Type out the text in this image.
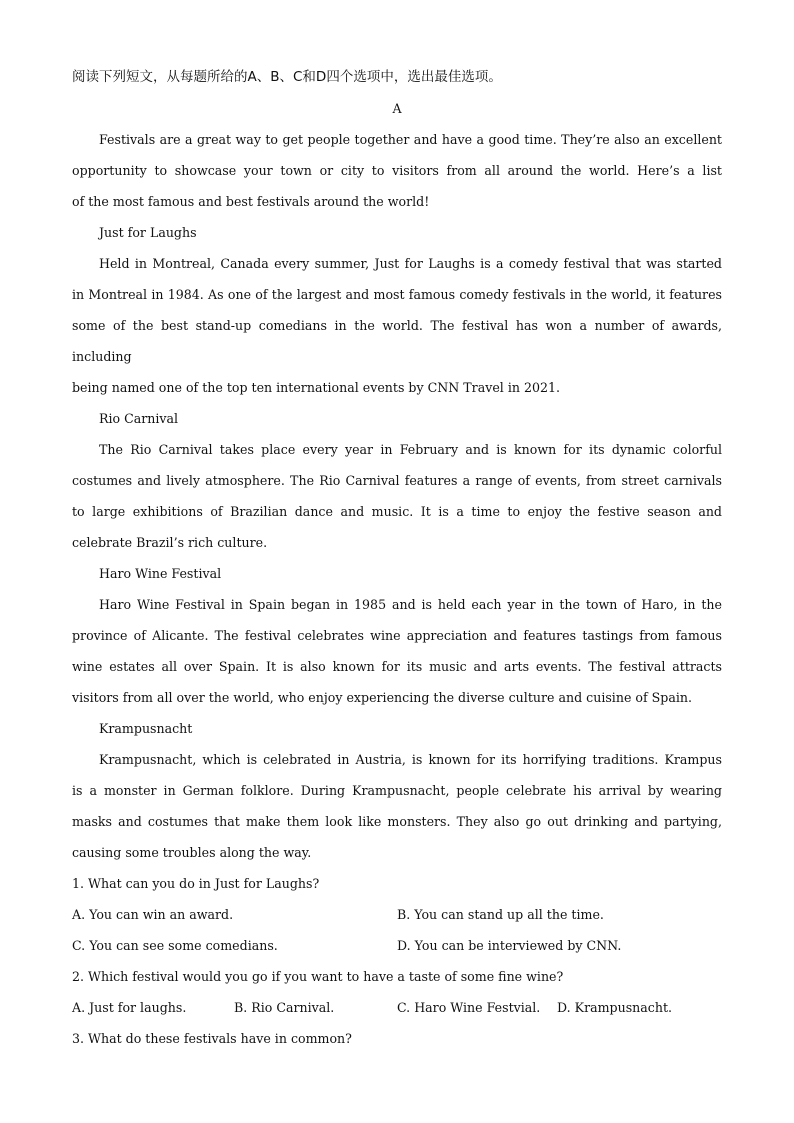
阅读下列短文，从每题所给的A、B、C和D四个选项中，选出最佳选项。
A
Festivals are a great way to get people together and have a good time. They’re also an excellent
opportunity to showcase your town or city to visitors from all around the world. Here’s a list
of the most famous and best festivals around the world!
Just for Laughs
Held in Montreal, Canada every summer, Just for Laughs is a comedy festival that was started
in Montreal in 1984. As one of the largest and most famous comedy festivals in the world, it features
some of the best stand-up comedians in the world. The festival has won a number of awards, including
being named one of the top ten international events by CNN Travel in 2021.
Rio Carnival
The Rio Carnival takes place every year in February and is known for its dynamic colorful
costumes and lively atmosphere. The Rio Carnival features a range of events, from street carnivals
to large exhibitions of Brazilian dance and music. It is a time to enjoy the festive season and
celebrate Brazil’s rich culture.
Haro Wine Festival
Haro Wine Festival in Spain began in 1985 and is held each year in the town of Haro, in the
province of Alicante. The festival celebrates wine appreciation and features tastings from famous
wine estates all over Spain. It is also known for its music and arts events. The festival attracts
visitors from all over the world, who enjoy experiencing the diverse culture and cuisine of Spain.
Krampusnacht
Krampusnacht, which is celebrated in Austria, is known for its horrifying traditions. Krampus
is a monster in German folklore. During Krampusnacht, people celebrate his arrival by wearing
masks and costumes that make them look like monsters. They also go out drinking and partying,
causing some troubles along the way.
1. What can you do in Just for Laughs?
A. You can win an award.	B. You can stand up all the time.
C. You can see some comedians.	D. You can be interviewed by CNN.
2. Which festival would you go if you want to have a taste of some fine wine?
A. Just for laughs.	B. Rio Carnival.	C. Haro Wine Festvial.	D. Krampusnacht.
3. What do these festivals have in common?
